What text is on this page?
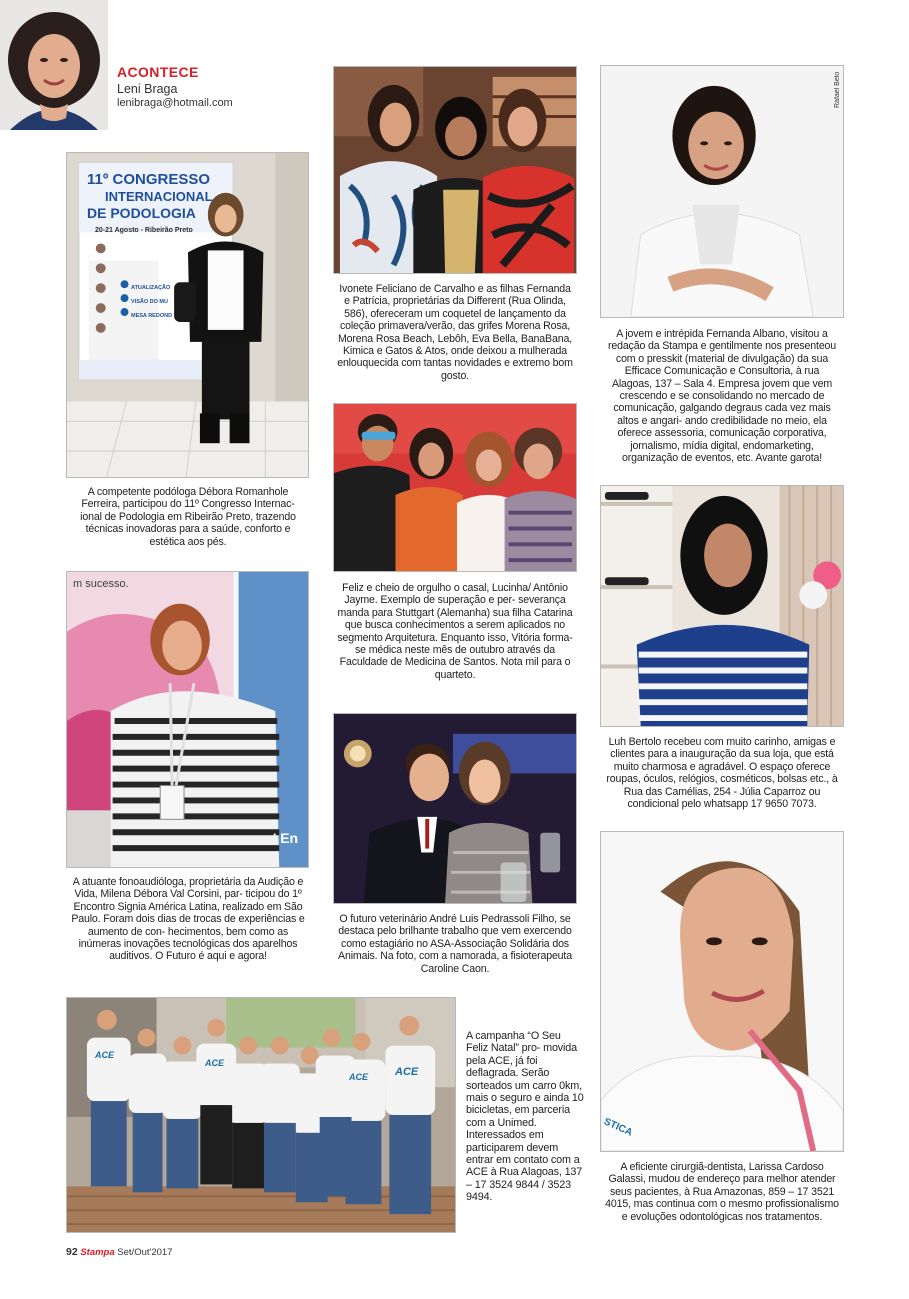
ACONTECE
Leni Braga
lenibraga@hotmail.com
11º CONGRESSO
INTERNACIONAL
DE PODOLOGIA
20-21 Agosto - Ribeirão Preto
ATUALIZAÇÃO
VISÃO DO MU
MESA REDOND
A competente podóloga Débora Romanhole Ferreira, participou do 11º Congresso Internac- ional de Podologia em Ribeirão Preto, trazendo técnicas inovadoras para a saúde, conforto e estética aos pés.
m sucesso.
' En
A atuante fonoaudióloga, proprietária da Audição e Vida, Milena Débora Val Corsini, par- ticipou do 1º Encontro Signia América Latina, realizado em São Paulo. Foram dois dias de trocas de experiências e aumento de con- hecimentos, bem como as inúmeras inovações tecnológicas dos aparelhos auditivos. O Futuro é aqui e agora!
Ivonete Feliciano de Carvalho e as filhas Fernanda e Patrícia, proprietárias da Different (Rua Olinda, 586), ofereceram um coquetel de lançamento da coleção primavera/verão, das grifes Morena Rosa, Morena Rosa Beach, Lebôh, Eva Bella, BanaBana, Kimica e Gatos & Atos, onde deixou a mulherada enlouquecida com tantas novidades e extremo bom gosto.
Feliz e cheio de orgulho o casal, Lucinha/ Antônio Jayme. Exemplo de superação e per- severança manda para Stuttgart (Alemanha) sua filha Catarina que busca conhecimentos a serem aplicados no segmento Arquitetura. Enquanto isso, Vitória forma-se médica neste mês de outubro através da Faculdade de Medicina de Santos. Nota mil para o quarteto.
O futuro veterinário André Luis Pedrassoli Filho, se destaca pelo brilhante trabalho que vem exercendo como estagiário no ASA-Associação Solidária dos Animais. Na foto, com a namorada, a fisioterapeuta Caroline Caon.
Rafael Belo
A jovem e intrépida Fernanda Albano, visitou a redação da Stampa e gentilmente nos presenteou com o presskit (material de divulgação) da sua Efficace Comunicação e Consultoria, à rua Alagoas, 137 – Sala 4. Empresa jovem que vem crescendo e se consolidando no mercado de comunicação, galgando degraus cada vez mais altos e angari- ando credibilidade no meio, ela oferece assessoria, comunicação corporativa, jornalismo, mídia digital, endomarketing, organização de eventos, etc. Avante garota!
Luh Bertolo recebeu com muito carinho, amigas e clientes para a inauguração da sua loja, que está muito charmosa e agradável. O espaço oferece roupas, óculos, relógios, cosméticos, bolsas etc., à Rua das Camélias, 254 - Júlia Caparroz ou condicional pelo whatsapp 17 9650 7073.
STICA
A eficiente cirurgiã-dentista, Larissa Cardoso Galassi, mudou de endereço para melhor atender seus pacientes, à Rua Amazonas, 859 – 17 3521 4015, mas continua com o mesmo profissionalismo e evoluções odontológicas nos tratamentos.
ACE
ACE
ACE ACE
A campanha “O Seu Feliz Natal” pro- movida pela ACE, já foi deflagrada. Serão sorteados um carro 0km, mais o seguro e ainda 10 bicicletas, em parceria com a Unimed. Interessados em participarem devem entrar em contato com a ACE à Rua Alagoas, 137 – 17 3524 9844 / 3523 9494.
92 Stampa Set/Out'2017
